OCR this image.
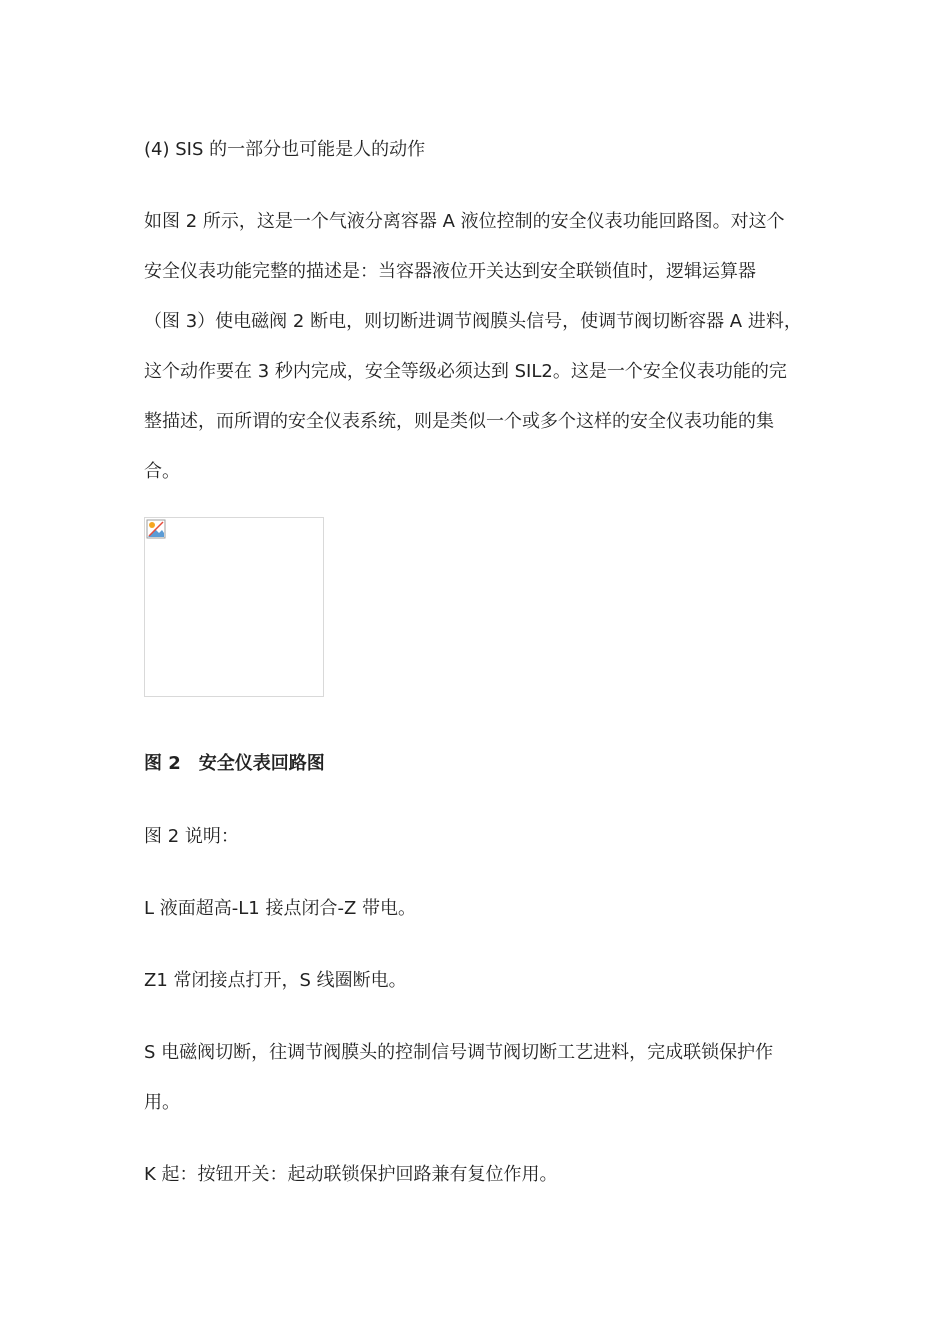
(4) SIS 的一部分也可能是人的动作
如图 2 所示，这是一个气液分离容器 A 液位控制的安全仪表功能回路图。对这个
安全仪表功能完整的描述是：当容器液位开关达到安全联锁值时，逻辑运算器
（图 3）使电磁阀 2 断电，则切断进调节阀膜头信号，使调节阀切断容器 A 进料，
这个动作要在 3 秒内完成，安全等级必须达到 SIL2。这是一个安全仪表功能的完
整描述，而所谓的安全仪表系统，则是类似一个或多个这样的安全仪表功能的集
合。
图 2　安全仪表回路图
图 2 说明：
L 液面超高-L1 接点闭合-Z 带电。
Z1 常闭接点打开，S 线圈断电。
S 电磁阀切断，往调节阀膜头的控制信号调节阀切断工艺进料，完成联锁保护作
用。
K 起：按钮开关：起动联锁保护回路兼有复位作用。
